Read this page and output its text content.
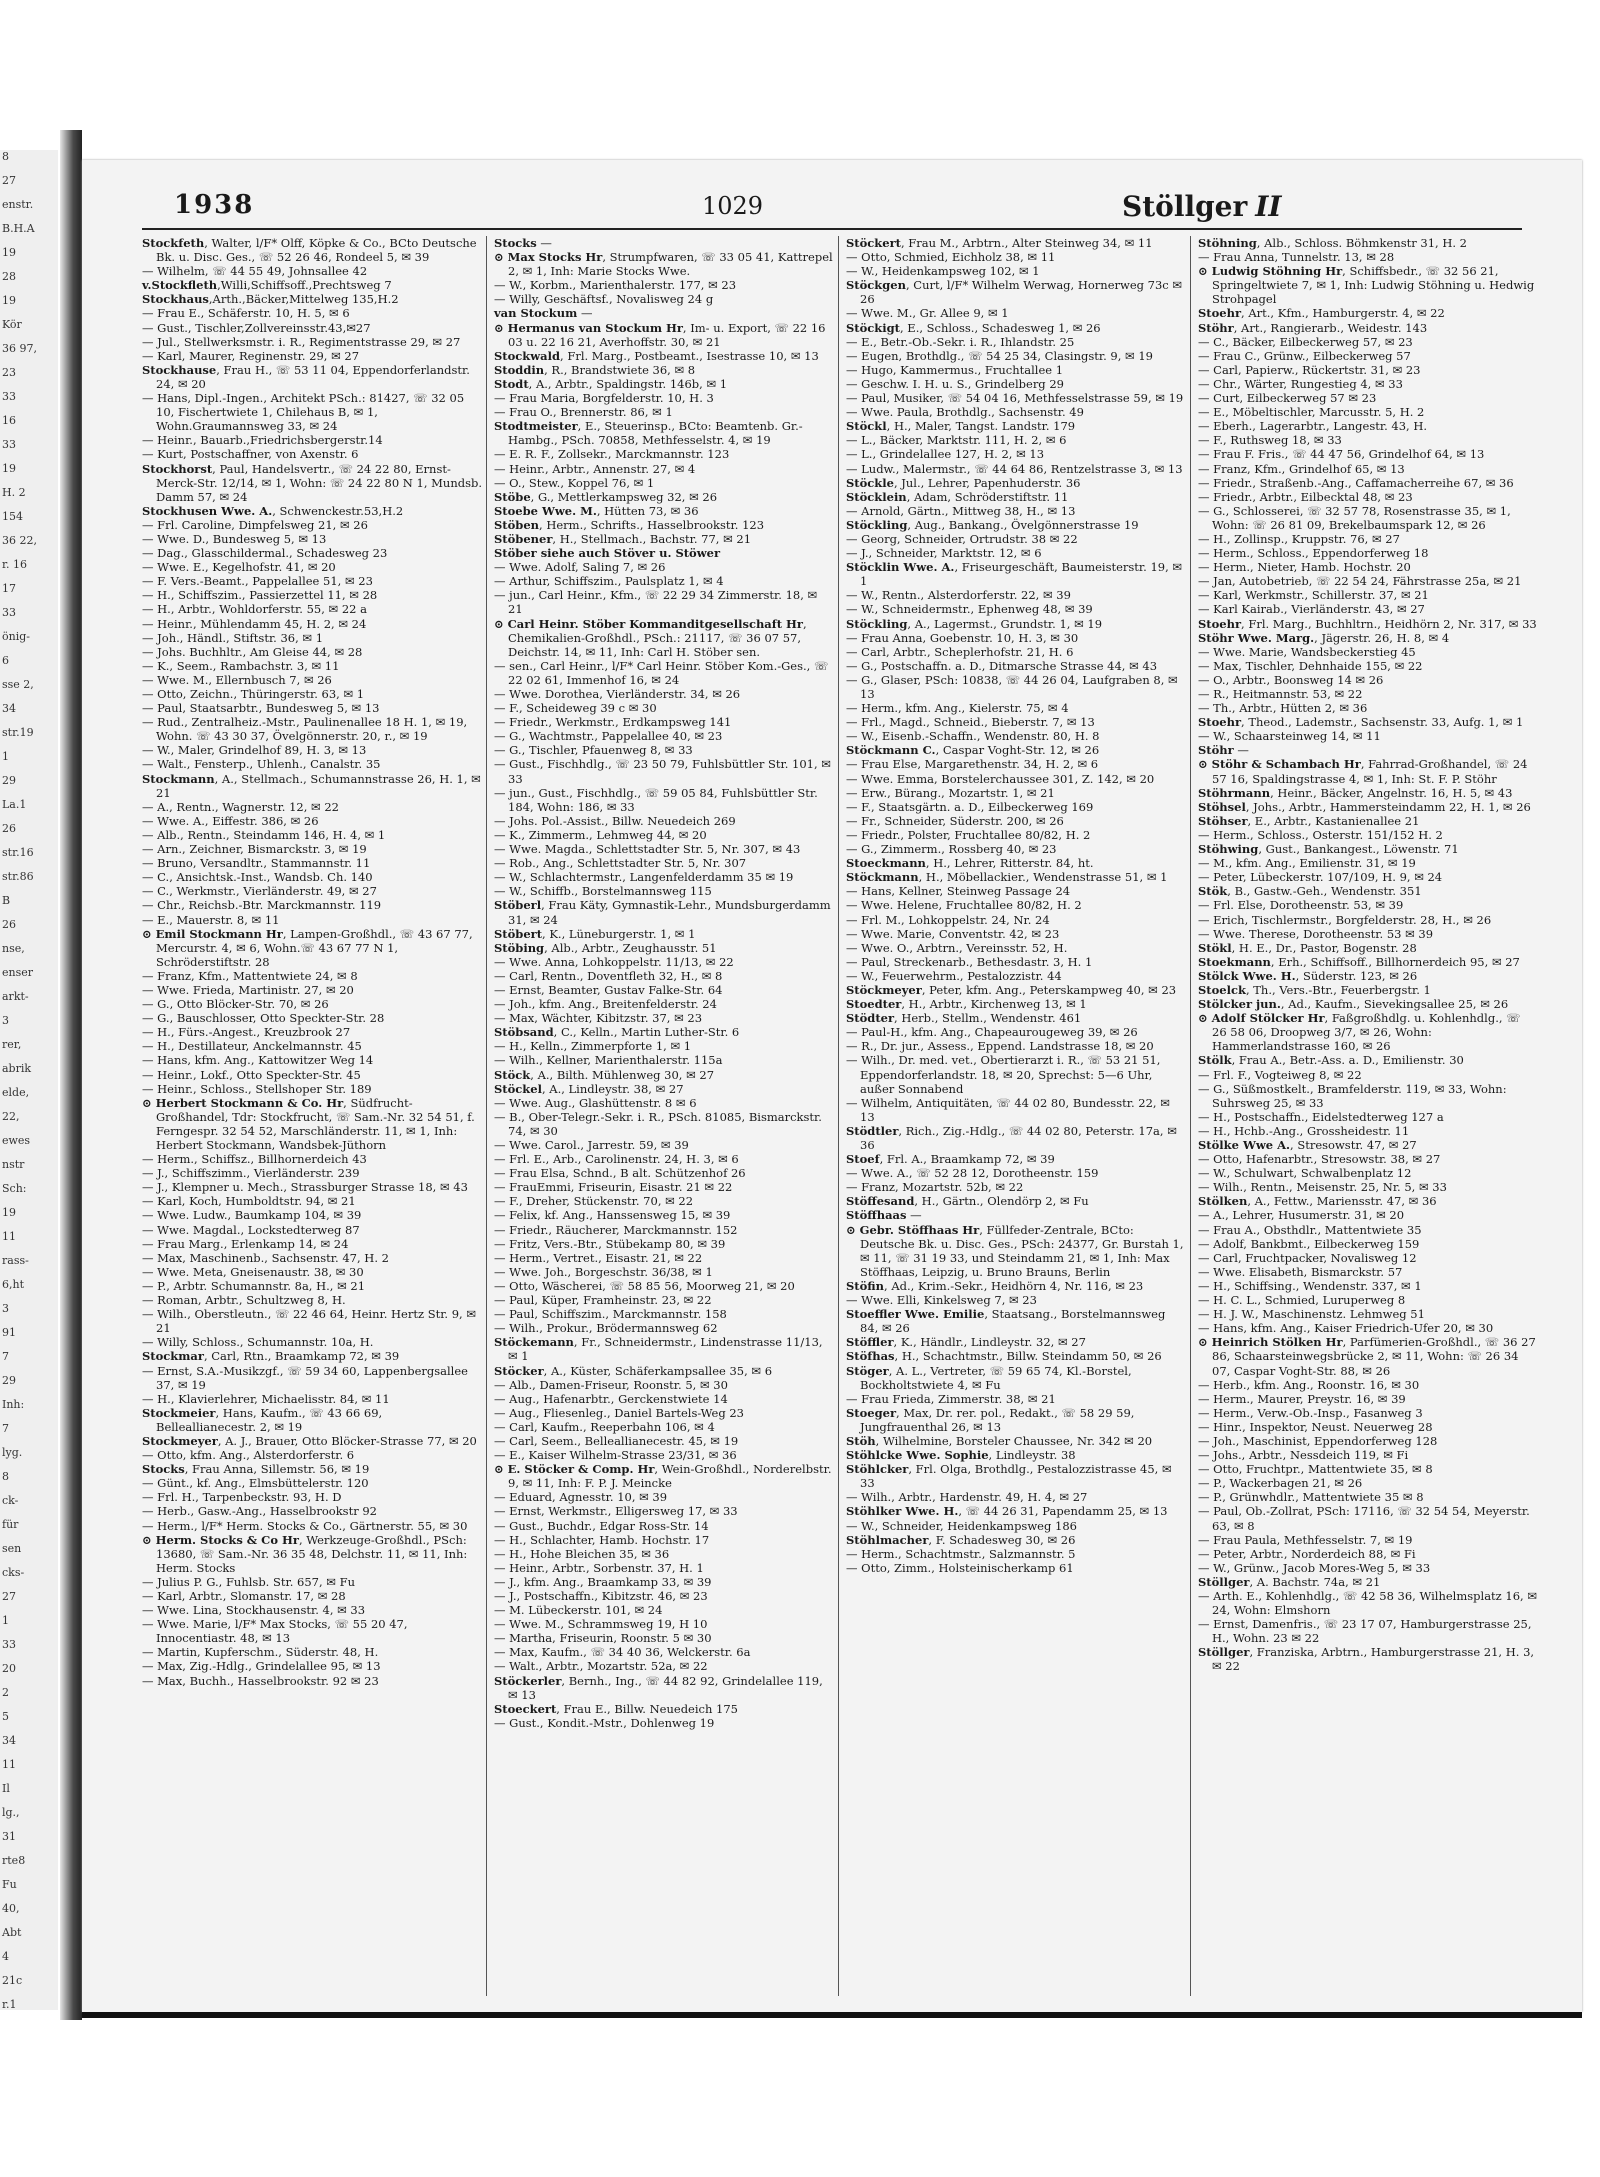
8
27
enstr.
B.H.A
19
28
19
Kör
36 97,
23
33
16
33
19
H. 2
154
36 22,
r. 16
17
33
önig-
6
sse 2,
34
str.19
1
29
La.1
26
str.16
str.86
B
26
nse,
enser
arkt-
3
rer,
abrik
elde,
22,
ewes
nstr
Sch:
19
11
rass-
6,ht
3
91
7
29
Inh:
7
lyg.
8
ck-
für
sen
cks-
27
1
33
20
2
5
34
11
Il
lg.,
31
rte8
Fu
40,
Abt
4
21c
r.1
1938	1029	Stöllger II

Stockfeth, Walter, l/F* Olff, Köpke & Co., BCto Deutsche Bk. u. Disc. Ges., ☏ 52 26 46, Rondeel 5, ✉ 39

— Wilhelm, ☏ 44 55 49, Johnsallee 42

v.Stockfleth,Willi,Schiffsoff.,Prechtsweg 7

Stockhaus,Arth.,Bäcker,Mittelweg 135,H.2

— Frau E., Schäferstr. 10, H. 5, ✉ 6

— Gust., Tischler,Zollvereinsstr.43,✉27

— Jul., Stellwerksmstr. i. R., Regimentstrasse 29, ✉ 27

— Karl, Maurer, Reginenstr. 29, ✉ 27

Stockhause, Frau H., ☏ 53 11 04, Eppendorferlandstr. 24, ✉ 20

— Hans, Dipl.-Ingen., Architekt PSch.: 81427, ☏ 32 05 10, Fischertwiete 1, Chilehaus B, ✉ 1, Wohn.Graumannsweg 33, ✉ 24

— Heinr., Bauarb.,Friedrichsbergerstr.14

— Kurt, Postschaffner, von Axenstr. 6

Stockhorst, Paul, Handelsvertr., ☏ 24 22 80, Ernst-Merck-Str. 12/14, ✉ 1, Wohn: ☏ 24 22 80 N 1, Mundsb. Damm 57, ✉ 24

Stockhusen Wwe. A., Schwenckestr.53,H.2

— Frl. Caroline, Dimpfelsweg 21, ✉ 26

— Wwe. D., Bundesweg 5, ✉ 13

— Dag., Glasschildermal., Schadesweg 23

— Wwe. E., Kegelhofstr. 41, ✉ 20

— F. Vers.-Beamt., Pappelallee 51, ✉ 23

— H., Schiffszim., Passierzettel 11, ✉ 28

— H., Arbtr., Wohldorferstr. 55, ✉ 22 a

— Heinr., Mühlendamm 45, H. 2, ✉ 24

— Joh., Händl., Stiftstr. 36, ✉ 1

— Johs. Buchhltr., Am Gleise 44, ✉ 28

— K., Seem., Rambachstr. 3, ✉ 11

— Wwe. M., Ellernbusch 7, ✉ 26

— Otto, Zeichn., Thüringerstr. 63, ✉ 1

— Paul, Staatsarbtr., Bundesweg 5, ✉ 13

— Rud., Zentralheiz.-Mstr., Paulinenallee 18 H. 1, ✉ 19, Wohn. ☏ 43 30 37, Övelgönnerstr. 20, r., ✉ 19

— W., Maler, Grindelhof 89, H. 3, ✉ 13

— Walt., Fensterp., Uhlenh., Canalstr. 35

Stockmann, A., Stellmach., Schumannstrasse 26, H. 1, ✉ 21

— A., Rentn., Wagnerstr. 12, ✉ 22

— Wwe. A., Eiffestr. 386, ✉ 26

— Alb., Rentn., Steindamm 146, H. 4, ✉ 1

— Arn., Zeichner, Bismarckstr. 3, ✉ 19

— Bruno, Versandltr., Stammannstr. 11

— C., Ansichtsk.-Inst., Wandsb. Ch. 140

— C., Werkmstr., Vierländerstr. 49, ✉ 27

— Chr., Reichsb.-Btr. Marckmannstr. 119

— E., Mauerstr. 8, ✉ 11

⊙ Emil Stockmann Hr, Lampen-Großhdl., ☏ 43 67 77, Mercurstr. 4, ✉ 6, Wohn.☏ 43 67 77 N 1, Schröderstiftstr. 28

— Franz, Kfm., Mattentwiete 24, ✉ 8

— Wwe. Frieda, Martinistr. 27, ✉ 20

— G., Otto Blöcker-Str. 70, ✉ 26

— G., Bauschlosser, Otto Speckter-Str. 28

— H., Fürs.-Angest., Kreuzbrook 27

— H., Destillateur, Anckelmannstr. 45

— Hans, kfm. Ang., Kattowitzer Weg 14

— Heinr., Lokf., Otto Speckter-Str. 45

— Heinr., Schloss., Stellshoper Str. 189

⊙ Herbert Stockmann & Co. Hr, Südfrucht-Großhandel, Tdr: Stockfrucht, ☏ Sam.-Nr. 32 54 51, f. Ferngespr. 32 54 52, Marschländerstr. 11, ✉ 1, Inh: Herbert Stockmann, Wandsbek-Jüthorn

— Herm., Schiffsz., Billhornerdeich 43

— J., Schiffszimm., Vierländerstr. 239

— J., Klempner u. Mech., Strassburger Strasse 18, ✉ 43

— Karl, Koch, Humboldtstr. 94, ✉ 21

— Wwe. Ludw., Baumkamp 104, ✉ 39

— Wwe. Magdal., Lockstedterweg 87

— Frau Marg., Erlenkamp 14, ✉ 24

— Max, Maschinenb., Sachsenstr. 47, H. 2

— Wwe. Meta, Gneisenaustr. 38, ✉ 30

— P., Arbtr. Schumannstr. 8a, H., ✉ 21

— Roman, Arbtr., Schultzweg 8, H.

— Wilh., Oberstleutn., ☏ 22 46 64, Heinr. Hertz Str. 9, ✉ 21

— Willy, Schloss., Schumannstr. 10a, H.

Stockmar, Carl, Rtn., Braamkamp 72, ✉ 39

— Ernst, S.A.-Musikzgf., ☏ 59 34 60, Lappenbergsallee 37, ✉ 19

— H., Klavierlehrer, Michaelisstr. 84, ✉ 11

Stockmeier, Hans, Kaufm., ☏ 43 66 69, Belleallianecestr. 2, ✉ 19

Stockmeyer, A. J., Brauer, Otto Blöcker-Strasse 77, ✉ 20

— Otto, kfm. Ang., Alsterdorferstr. 6

Stocks, Frau Anna, Sillemstr. 56, ✉ 19

— Günt., kf. Ang., Elmsbüttelerstr. 120

— Frl. H., Tarpenbeckstr. 93, H. D

— Herb., Gasw.-Ang., Hasselbrookstr 92

— Herm., l/F* Herm. Stocks & Co., Gärtnerstr. 55, ✉ 30

⊙ Herm. Stocks & Co Hr, Werkzeuge-Großhdl., PSch: 13680, ☏ Sam.-Nr. 36 35 48, Delchstr. 11, ✉ 11, Inh: Herm. Stocks

— Julius P. G., Fuhlsb. Str. 657, ✉ Fu

— Karl, Arbtr., Slomanstr. 17, ✉ 28

— Wwe. Lina, Stockhausenstr. 4, ✉ 33

— Wwe. Marie, l/F* Max Stocks, ☏ 55 20 47, Innocentiastr. 48, ✉ 13

— Martin, Kupferschm., Süderstr. 48, H.

— Max, Zig.-Hdlg., Grindelallee 95, ✉ 13

— Max, Buchh., Hasselbrookstr. 92 ✉ 23

Stocks —

⊙ Max Stocks Hr, Strumpfwaren, ☏ 33 05 41, Kattrepel 2, ✉ 1, Inh: Marie Stocks Wwe.

— W., Korbm., Marienthalerstr. 177, ✉ 23

— Willy, Geschäftsf., Novalisweg 24 g

van Stockum —

⊙ Hermanus van Stockum Hr, Im- u. Export, ☏ 22 16 03 u. 22 16 21, Averhoffstr. 30, ✉ 21

Stockwald, Frl. Marg., Postbeamt., Isestrasse 10, ✉ 13

Stoddin, R., Brandstwiete 36, ✉ 8

Stodt, A., Arbtr., Spaldingstr. 146b, ✉ 1

— Frau Maria, Borgfelderstr. 10, H. 3

— Frau O., Brennerstr. 86, ✉ 1

Stodtmeister, E., Steuerinsp., BCto: Beamtenb. Gr.-Hambg., PSch. 70858, Methfesselstr. 4, ✉ 19

— E. R. F., Zollsekr., Marckmannstr. 123

— Heinr., Arbtr., Annenstr. 27, ✉ 4

— O., Stew., Koppel 76, ✉ 1

Stöbe, G., Mettlerkampsweg 32, ✉ 26

Stoebe Wwe. M., Hütten 73, ✉ 36

Stöben, Herm., Schrifts., Hasselbrookstr. 123

Stöbener, H., Stellmach., Bachstr. 77, ✉ 21

Stöber siehe auch Stöver u. Stöwer

— Wwe. Adolf, Saling 7, ✉ 26

— Arthur, Schiffszim., Paulsplatz 1, ✉ 4

— jun., Carl Heinr., Kfm., ☏ 22 29 34 Zimmerstr. 18, ✉ 21

⊙ Carl Heinr. Stöber Kommanditgesellschaft Hr, Chemikalien-Großhdl., PSch.: 21117, ☏ 36 07 57, Deichstr. 14, ✉ 11, Inh: Carl H. Stöber sen.

— sen., Carl Heinr., l/F* Carl Heinr. Stöber Kom.-Ges., ☏ 22 02 61, Immenhof 16, ✉ 24

— Wwe. Dorothea, Vierländerstr. 34, ✉ 26

— F., Scheideweg 39 c ✉ 30

— Friedr., Werkmstr., Erdkampsweg 141

— G., Wachtmstr., Pappelallee 40, ✉ 23

— G., Tischler, Pfauenweg 8, ✉ 33

— Gust., Fischhdlg., ☏ 23 50 79, Fuhlsbüttler Str. 101, ✉ 33

— jun., Gust., Fischhdlg., ☏ 59 05 84, Fuhlsbüttler Str. 184, Wohn: 186, ✉ 33

— Johs. Pol.-Assist., Billw. Neuedeich 269

— K., Zimmerm., Lehmweg 44, ✉ 20

— Wwe. Magda., Schlettstadter Str. 5, Nr. 307, ✉ 43

— Rob., Ang., Schlettstadter Str. 5, Nr. 307

— W., Schlachtermstr., Langenfelderdamm 35 ✉ 19

— W., Schiffb., Borstelmannsweg 115

Stöberl, Frau Käty, Gymnastik-Lehr., Mundsburgerdamm 31, ✉ 24

Stöbert, K., Lüneburgerstr. 1, ✉ 1

Stöbing, Alb., Arbtr., Zeughausstr. 51

— Wwe. Anna, Lohkoppelstr. 11/13, ✉ 22

— Carl, Rentn., Doventfleth 32, H., ✉ 8

— Ernst, Beamter, Gustav Falke-Str. 64

— Joh., kfm. Ang., Breitenfelderstr. 24

— Max, Wächter, Kibitzstr. 37, ✉ 23

Stöbsand, C., Kelln., Martin Luther-Str. 6

— H., Kelln., Zimmerpforte 1, ✉ 1

— Wilh., Kellner, Marienthalerstr. 115a

Stöck, A., Bilth. Mühlenweg 30, ✉ 27

Stöckel, A., Lindleystr. 38, ✉ 27

— Wwe. Aug., Glashüttenstr. 8 ✉ 6

— B., Ober-Telegr.-Sekr. i. R., PSch. 81085, Bismarckstr. 74, ✉ 30

— Wwe. Carol., Jarrestr. 59, ✉ 39

— Frl. E., Arb., Carolinenstr. 24, H. 3, ✉ 6

— Frau Elsa, Schnd., B alt. Schützenhof 26

— FrauEmmi, Friseurin, Eisastr. 21 ✉ 22

— F., Dreher, Stückenstr. 70, ✉ 22

— Felix, kf. Ang., Hanssensweg 15, ✉ 39

— Friedr., Räucherer, Marckmannstr. 152

— Fritz, Vers.-Btr., Stübekamp 80, ✉ 39

— Herm., Vertret., Eisastr. 21, ✉ 22

— Wwe. Joh., Borgeschstr. 36/38, ✉ 1

— Otto, Wäscherei, ☏ 58 85 56, Moorweg 21, ✉ 20

— Paul, Küper, Framheinstr. 23, ✉ 22

— Paul, Schiffszim., Marckmannstr. 158

— Wilh., Prokur., Brödermannsweg 62

Stöckemann, Fr., Schneidermstr., Lindenstrasse 11/13, ✉ 1

Stöcker, A., Küster, Schäferkampsallee 35, ✉ 6

— Alb., Damen-Friseur, Roonstr. 5, ✉ 30

— Aug., Hafenarbtr., Gerckenstwiete 14

— Aug., Fliesenleg., Daniel Bartels-Weg 23

— Carl, Kaufm., Reeperbahn 106, ✉ 4

— Carl, Seem., Belleallianecestr. 45, ✉ 19

— E., Kaiser Wilhelm-Strasse 23/31, ✉ 36

⊙ E. Stöcker & Comp. Hr, Wein-Großhdl., Norderelbstr. 9, ✉ 11, Inh: F. P. J. Meincke

— Eduard, Agnesstr. 10, ✉ 39

— Ernst, Werkmstr., Elligersweg 17, ✉ 33

— Gust., Buchdr., Edgar Ross-Str. 14

— H., Schlachter, Hamb. Hochstr. 17

— H., Hohe Bleichen 35, ✉ 36

— Heinr., Arbtr., Sorbenstr. 37, H. 1

— J., kfm. Ang., Braamkamp 33, ✉ 39

— J., Postschaffn., Kibitzstr. 46, ✉ 23

— M. Lübeckerstr. 101, ✉ 24

— Wwe. M., Schrammsweg 19, H 10

— Martha, Friseurin, Roonstr. 5 ✉ 30

— Max, Kaufm., ☏ 34 40 36, Welckerstr. 6a

— Walt., Arbtr., Mozartstr. 52a, ✉ 22

Stöckerler, Bernh., Ing., ☏ 44 82 92, Grindelallee 119, ✉ 13

Stoeckert, Frau E., Billw. Neuedeich 175

— Gust., Kondit.-Mstr., Dohlenweg 19

Stöckert, Frau M., Arbtrn., Alter Steinweg 34, ✉ 11

— Otto, Schmied, Eichholz 38, ✉ 11

— W., Heidenkampsweg 102, ✉ 1

Stöckgen, Curt, l/F* Wilhelm Werwag, Hornerweg 73c ✉ 26

— Wwe. M., Gr. Allee 9, ✉ 1

Stöckigt, E., Schloss., Schadesweg 1, ✉ 26

— E., Betr.-Ob.-Sekr. i. R., Ihlandstr. 25

— Eugen, Brothdlg., ☏ 54 25 34, Clasingstr. 9, ✉ 19

— Hugo, Kammermus., Fruchtallee 1

— Geschw. I. H. u. S., Grindelberg 29

— Paul, Musiker, ☏ 54 04 16, Methfesselstrasse 59, ✉ 19

— Wwe. Paula, Brothdlg., Sachsenstr. 49

Stöckl, H., Maler, Tangst. Landstr. 179

— L., Bäcker, Marktstr. 111, H. 2, ✉ 6

— L., Grindelallee 127, H. 2, ✉ 13

— Ludw., Malermstr., ☏ 44 64 86, Rentzelstrasse 3, ✉ 13

Stöckle, Jul., Lehrer, Papenhuderstr. 36

Stöcklein, Adam, Schröderstiftstr. 11

— Arnold, Gärtn., Mittweg 38, H., ✉ 13

Stöckling, Aug., Bankang., Övelgönnerstrasse 19

— Georg, Schneider, Ortrudstr. 38 ✉ 22

— J., Schneider, Marktstr. 12, ✉ 6

Stöcklin Wwe. A., Friseurgeschäft, Baumeisterstr. 19, ✉ 1

— W., Rentn., Alsterdorferstr. 22, ✉ 39

— W., Schneidermstr., Ephenweg 48, ✉ 39

Stöckling, A., Lagermst., Grundstr. 1, ✉ 19

— Frau Anna, Goebenstr. 10, H. 3, ✉ 30

— Carl, Arbtr., Scheplerhofstr. 21, H. 6

— G., Postschaffn. a. D., Ditmarsche Strasse 44, ✉ 43

— G., Glaser, PSch: 10838, ☏ 44 26 04, Laufgraben 8, ✉ 13

— Herm., kfm. Ang., Kielerstr. 75, ✉ 4

— Frl., Magd., Schneid., Bieberstr. 7, ✉ 13

— W., Eisenb.-Schaffn., Wendenstr. 80, H. 8

Stöckmann C., Caspar Voght-Str. 12, ✉ 26

— Frau Else, Margarethenstr. 34, H. 2, ✉ 6

— Wwe. Emma, Borstelerchaussee 301, Z. 142, ✉ 20

— Erw., Bürang., Mozartstr. 1, ✉ 21

— F., Staatsgärtn. a. D., Eilbeckerweg 169

— Fr., Schneider, Süderstr. 200, ✉ 26

— Friedr., Polster, Fruchtallee 80/82, H. 2

— G., Zimmerm., Rossberg 40, ✉ 23

Stoeckmann, H., Lehrer, Ritterstr. 84, ht.

Stöckmann, H., Möbellackier., Wendenstrasse 51, ✉ 1

— Hans, Kellner, Steinweg Passage 24

— Wwe. Helene, Fruchtallee 80/82, H. 2

— Frl. M., Lohkoppelstr. 24, Nr. 24

— Wwe. Marie, Conventstr. 42, ✉ 23

— Wwe. O., Arbtrn., Vereinsstr. 52, H.

— Paul, Streckenarb., Bethesdastr. 3, H. 1

— W., Feuerwehrm., Pestalozzistr. 44

Stöckmeyer, Peter, kfm. Ang., Peterskampweg 40, ✉ 23

Stoedter, H., Arbtr., Kirchenweg 13, ✉ 1

Stödter, Herb., Stellm., Wendenstr. 461

— Paul-H., kfm. Ang., Chapeaurougeweg 39, ✉ 26

— R., Dr. jur., Assess., Eppend. Landstrasse 18, ✉ 20

— Wilh., Dr. med. vet., Obertierarzt i. R., ☏ 53 21 51, Eppendorferlandstr. 18, ✉ 20, Sprechst: 5—6 Uhr, außer Sonnabend

— Wilhelm, Antiquitäten, ☏ 44 02 80, Bundesstr. 22, ✉ 13

Stödtler, Rich., Zig.-Hdlg., ☏ 44 02 80, Peterstr. 17a, ✉ 36

Stoef, Frl. A., Braamkamp 72, ✉ 39

— Wwe. A., ☏ 52 28 12, Dorotheenstr. 159

— Franz, Mozartstr. 52b, ✉ 22

Stöffesand, H., Gärtn., Olendörp 2, ✉ Fu

Stöffhaas —

⊙ Gebr. Stöffhaas Hr, Füllfeder-Zentrale, BCto: Deutsche Bk. u. Disc. Ges., PSch: 24377, Gr. Burstah 1, ✉ 11, ☏ 31 19 33, und Steindamm 21, ✉ 1, Inh: Max Stöffhaas, Leipzig, u. Bruno Brauns, Berlin

Stöfin, Ad., Krim.-Sekr., Heidhörn 4, Nr. 116, ✉ 23

— Wwe. Elli, Kinkelsweg 7, ✉ 23

Stoeffler Wwe. Emilie, Staatsang., Borstelmannsweg 84, ✉ 26

Stöffler, K., Händlr., Lindleystr. 32, ✉ 27

Stöfhas, H., Schachtmstr., Billw. Steindamm 50, ✉ 26

Stöger, A. L., Vertreter, ☏ 59 65 74, Kl.-Borstel, Bockholtstwiete 4, ✉ Fu

— Frau Frieda, Zimmerstr. 38, ✉ 21

Stoeger, Max, Dr. rer. pol., Redakt., ☏ 58 29 59, Jungfrauenthal 26, ✉ 13

Stöh, Wilhelmine, Borsteler Chaussee, Nr. 342 ✉ 20

Stöhlcke Wwe. Sophie, Lindleystr. 38

Stöhlcker, Frl. Olga, Brothdlg., Pestalozzistrasse 45, ✉ 33

— Wilh., Arbtr., Hardenstr. 49, H. 4, ✉ 27

Stöhlker Wwe. H., ☏ 44 26 31, Papendamm 25, ✉ 13

— W., Schneider, Heidenkampsweg 186

Stöhlmacher, F. Schadesweg 30, ✉ 26

— Herm., Schachtmstr., Salzmannstr. 5

— Otto, Zimm., Holsteinischerkamp 61

Stöhning, Alb., Schloss. Böhmkenstr 31, H. 2

— Frau Anna, Tunnelstr. 13, ✉ 28

⊙ Ludwig Stöhning Hr, Schiffsbedr., ☏ 32 56 21, Springeltwiete 7, ✉ 1, Inh: Ludwig Stöhning u. Hedwig Strohpagel

Stoehr, Art., Kfm., Hamburgerstr. 4, ✉ 22

Stöhr, Art., Rangierarb., Weidestr. 143

— C., Bäcker, Eilbeckerweg 57, ✉ 23

— Frau C., Grünw., Eilbeckerweg 57

— Carl, Papierw., Rückertstr. 31, ✉ 23

— Chr., Wärter, Rungestieg 4, ✉ 33

— Curt, Eilbeckerweg 57 ✉ 23

— E., Möbeltischler, Marcusstr. 5, H. 2

— Eberh., Lagerarbtr., Langestr. 43, H.

— F., Ruthsweg 18, ✉ 33

— Frau F. Fris., ☏ 44 47 56, Grindelhof 64, ✉ 13

— Franz, Kfm., Grindelhof 65, ✉ 13

— Friedr., Straßenb.-Ang., Caffamacherreihe 67, ✉ 36

— Friedr., Arbtr., Eilbecktal 48, ✉ 23

— G., Schlosserei, ☏ 32 57 78, Rosenstrasse 35, ✉ 1, Wohn: ☏ 26 81 09, Brekelbaumspark 12, ✉ 26

— H., Zollinsp., Kruppstr. 76, ✉ 27

— Herm., Schloss., Eppendorferweg 18

— Herm., Nieter, Hamb. Hochstr. 20

— Jan, Autobetrieb, ☏ 22 54 24, Fährstrasse 25a, ✉ 21

— Karl, Werkmstr., Schillerstr. 37, ✉ 21

— Karl Kairab., Vierländerstr. 43, ✉ 27

Stoehr, Frl. Marg., Buchhltrn., Heidhörn 2, Nr. 317, ✉ 33

Stöhr Wwe. Marg., Jägerstr. 26, H. 8, ✉ 4

— Wwe. Marie, Wandsbeckerstieg 45

— Max, Tischler, Dehnhaide 155, ✉ 22

— O., Arbtr., Boonsweg 14 ✉ 26

— R., Heitmannstr. 53, ✉ 22

— Th., Arbtr., Hütten 2, ✉ 36

Stoehr, Theod., Lademstr., Sachsenstr. 33, Aufg. 1, ✉ 1

— W., Schaarsteinweg 14, ✉ 11

Stöhr —

⊙ Stöhr & Schambach Hr, Fahrrad-Großhandel, ☏ 24 57 16, Spaldingstrasse 4, ✉ 1, Inh: St. F. P. Stöhr

Stöhrmann, Heinr., Bäcker, Angelnstr. 16, H. 5, ✉ 43

Stöhsel, Johs., Arbtr., Hammersteindamm 22, H. 1, ✉ 26

Stöhser, E., Arbtr., Kastanienallee 21

— Herm., Schloss., Osterstr. 151/152 H. 2

Stöhwing, Gust., Bankangest., Löwenstr. 71

— M., kfm. Ang., Emilienstr. 31, ✉ 19

— Peter, Lübeckerstr. 107/109, H. 9, ✉ 24

Stök, B., Gastw.-Geh., Wendenstr. 351

— Frl. Else, Dorotheenstr. 53, ✉ 39

— Erich, Tischlermstr., Borgfelderstr. 28, H., ✉ 26

— Wwe. Therese, Dorotheenstr. 53 ✉ 39

Stökl, H. E., Dr., Pastor, Bogenstr. 28

Stoekmann, Erh., Schiffsoff., Billhornerdeich 95, ✉ 27

Stölck Wwe. H., Süderstr. 123, ✉ 26

Stoelck, Th., Vers.-Btr., Feuerbergstr. 1

Stölcker jun., Ad., Kaufm., Sievekingsallee 25, ✉ 26

⊙ Adolf Stölcker Hr, Faßgroßhdlg. u. Kohlenhdlg., ☏ 26 58 06, Droopweg 3/7, ✉ 26, Wohn: Hammerlandstrasse 160, ✉ 26

Stölk, Frau A., Betr.-Ass. a. D., Emilienstr. 30

— Frl. F., Vogteiweg 8, ✉ 22

— G., Süßmostkelt., Bramfelderstr. 119, ✉ 33, Wohn: Suhrsweg 25, ✉ 33

— H., Postschaffn., Eidelstedterweg 127 a

— H., Hchb.-Ang., Grossheidestr. 11

Stölke Wwe A., Stresowstr. 47, ✉ 27

— Otto, Hafenarbtr., Stresowstr. 38, ✉ 27

— W., Schulwart, Schwalbenplatz 12

— Wilh., Rentn., Meisenstr. 25, Nr. 5, ✉ 33

Stölken, A., Fettw., Mariensstr. 47, ✉ 36

— A., Lehrer, Husumerstr. 31, ✉ 20

— Frau A., Obsthdlr., Mattentwiete 35

— Adolf, Bankbmt., Eilbeckerweg 159

— Carl, Fruchtpacker, Novalisweg 12

— Wwe. Elisabeth, Bismarckstr. 57

— H., Schiffsing., Wendenstr. 337, ✉ 1

— H. C. L., Schmied, Luruperweg 8

— H. J. W., Maschinenstz. Lehmweg 51

— Hans, kfm. Ang., Kaiser Friedrich-Ufer 20, ✉ 30

⊙ Heinrich Stölken Hr, Parfümerien-Großhdl., ☏ 36 27 86, Schaarsteinwegsbrücke 2, ✉ 11, Wohn: ☏ 26 34 07, Caspar Voght-Str. 88, ✉ 26

— Herb., kfm. Ang., Roonstr. 16, ✉ 30

— Herm., Maurer, Preystr. 16, ✉ 39

— Herm., Verw.-Ob.-Insp., Fasanweg 3

— Hinr., Inspektor, Neust. Neuerweg 28

— Joh., Maschinist, Eppendorferweg 128

— Johs., Arbtr., Nessdeich 119, ✉ Fi

— Otto, Fruchtpr., Mattentwiete 35, ✉ 8

— P., Wackerbagen 21, ✉ 26

— P., Grünwhdlr., Mattentwiete 35 ✉ 8

— Paul, Ob.-Zollrat, PSch: 17116, ☏ 32 54 54, Meyerstr. 63, ✉ 8

— Frau Paula, Methfesselstr. 7, ✉ 19

— Peter, Arbtr., Norderdeich 88, ✉ Fi

— W., Grünw., Jacob Mores-Weg 5, ✉ 33

Stöllger, A. Bachstr. 74a, ✉ 21

— Arth. E., Kohlenhdlg., ☏ 42 58 36, Wilhelmsplatz 16, ✉ 24, Wohn: Elmshorn

— Ernst, Damenfris., ☏ 23 17 07, Hamburgerstrasse 25, H., Wohn. 23 ✉ 22

Stöllger, Franziska, Arbtrn., Hamburgerstrasse 21, H. 3, ✉ 22
